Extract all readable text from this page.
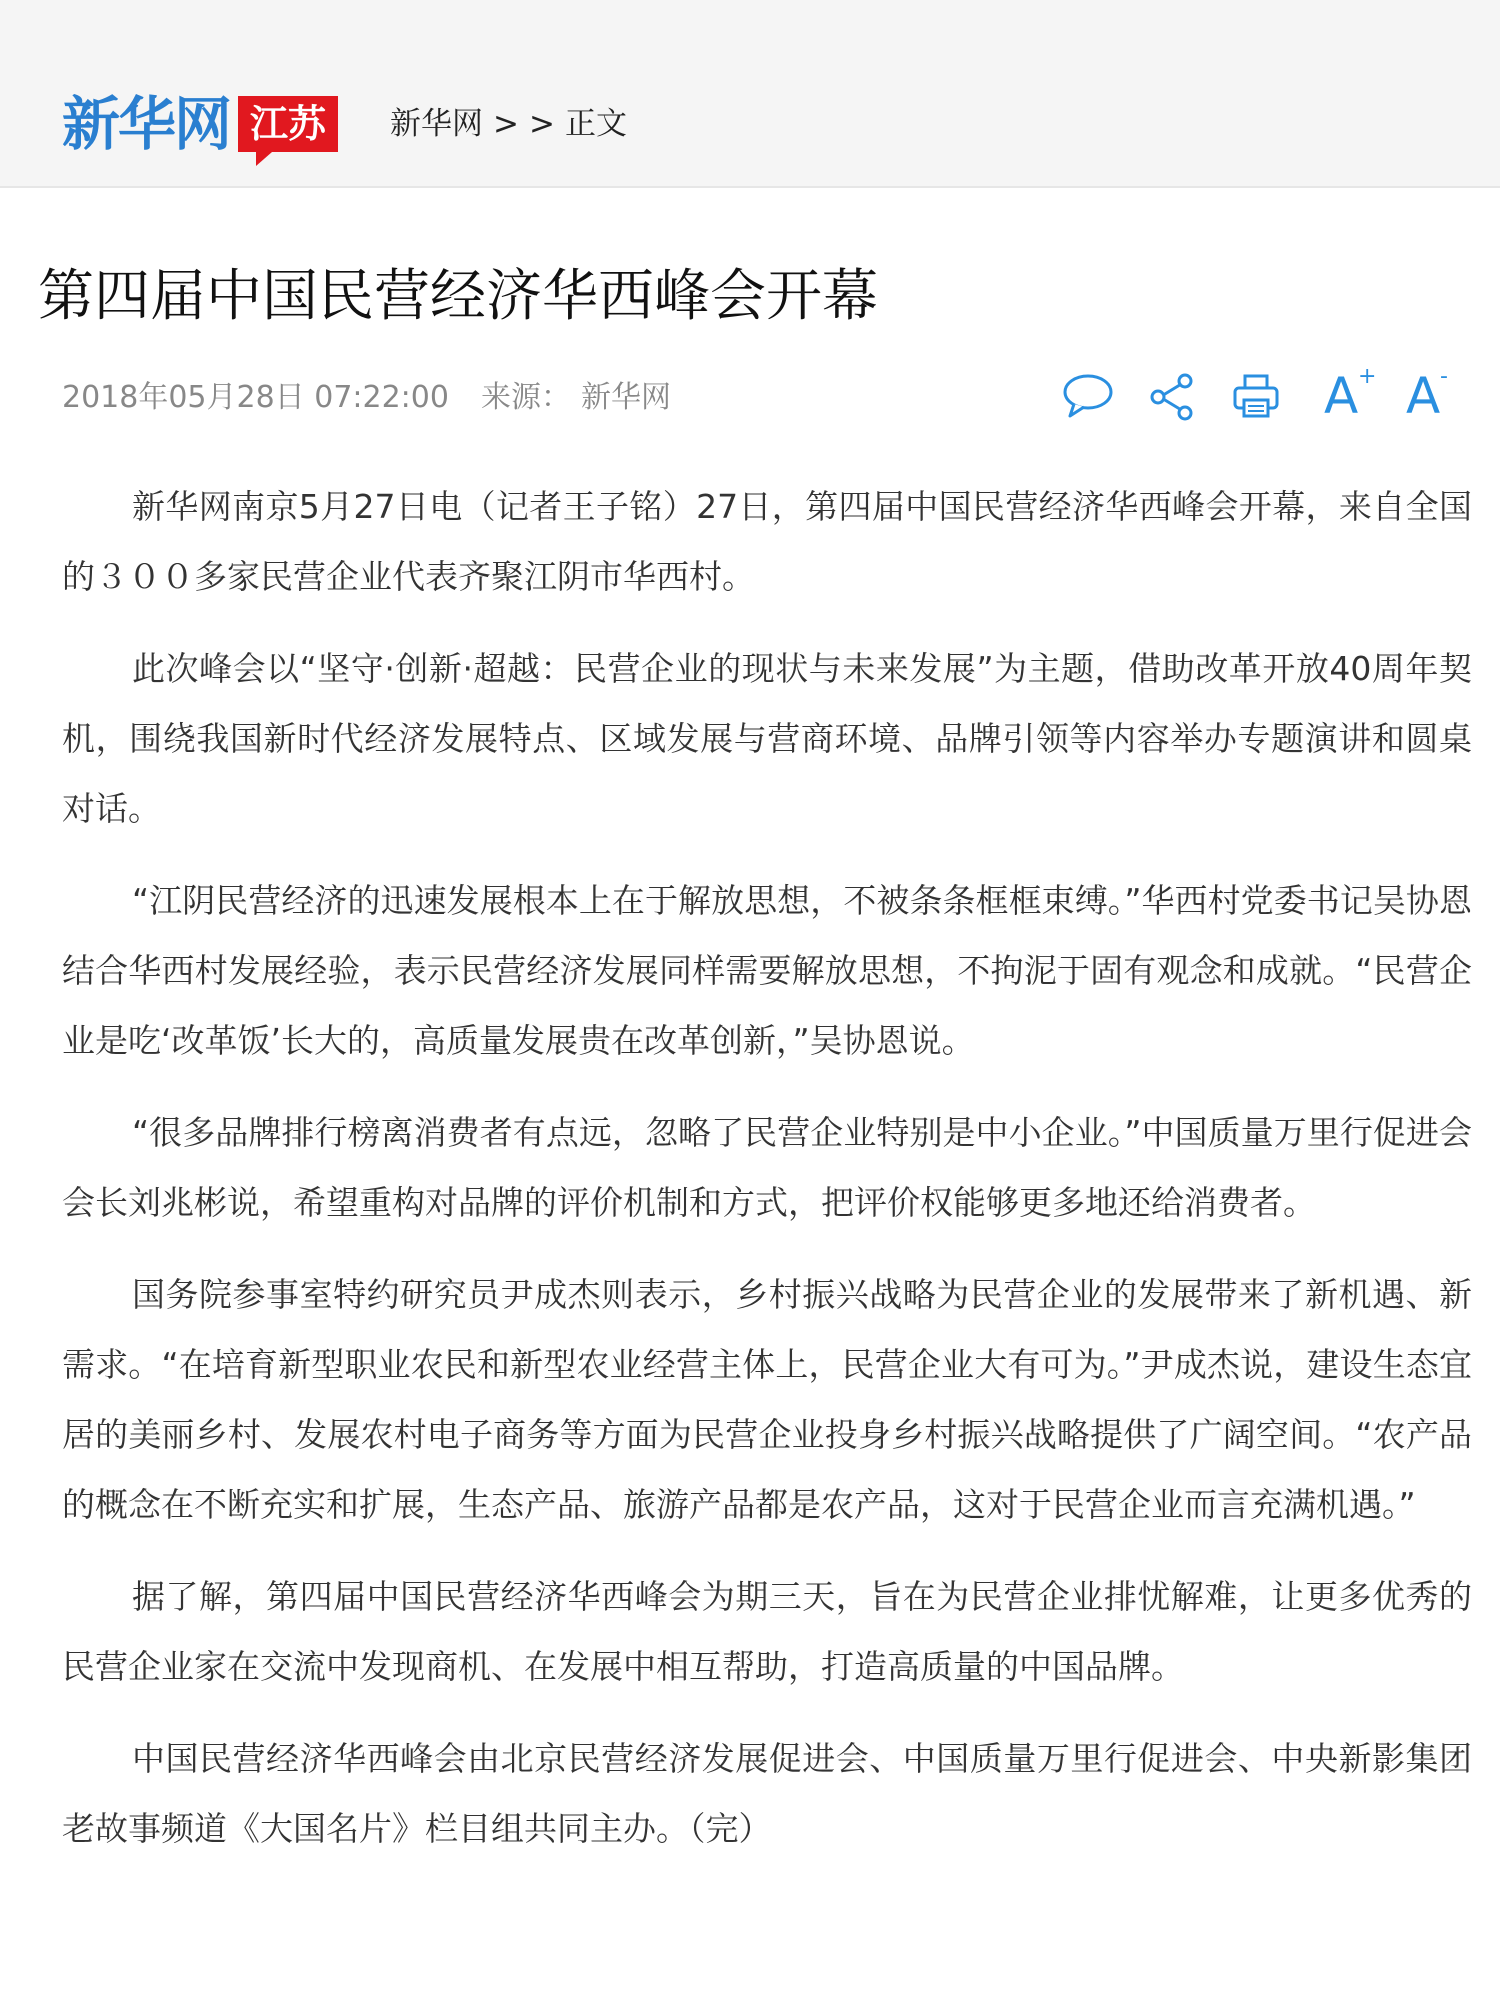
新华网 江苏	新华网 > > 正文
第四届中国民营经济华西峰会开幕
2018年05月28日 07:22:00 来源： 新华网	A + A -

新华网南京5月27日电（记者王子铭）27日，第四届中国民营经济华西峰会开幕，来自全国的３００多家民营企业代表齐聚江阴市华西村。

此次峰会以“坚守·创新·超越：民营企业的现状与未来发展”为主题，借助改革开放40周年契机，围绕我国新时代经济发展特点、区域发展与营商环境、品牌引领等内容举办专题演讲和圆桌对话。

“江阴民营经济的迅速发展根本上在于解放思想，不被条条框框束缚。”华西村党委书记吴协恩结合华西村发展经验，表示民营经济发展同样需要解放思想，不拘泥于固有观念和成就。“民营企业是吃‘改革饭’长大的，高质量发展贵在改革创新，”吴协恩说。

“很多品牌排行榜离消费者有点远，忽略了民营企业特别是中小企业。”中国质量万里行促进会会长刘兆彬说，希望重构对品牌的评价机制和方式，把评价权能够更多地还给消费者。

国务院参事室特约研究员尹成杰则表示，乡村振兴战略为民营企业的发展带来了新机遇、新需求。“在培育新型职业农民和新型农业经营主体上，民营企业大有可为。”尹成杰说，建设生态宜居的美丽乡村、发展农村电子商务等方面为民营企业投身乡村振兴战略提供了广阔空间。“农产品的概念在不断充实和扩展，生态产品、旅游产品都是农产品，这对于民营企业而言充满机遇。”

据了解，第四届中国民营经济华西峰会为期三天，旨在为民营企业排忧解难，让更多优秀的民营企业家在交流中发现商机、在发展中相互帮助，打造高质量的中国品牌。

中国民营经济华西峰会由北京民营经济发展促进会、中国质量万里行促进会、中央新影集团老故事频道《大国名片》栏目组共同主办。（完）
